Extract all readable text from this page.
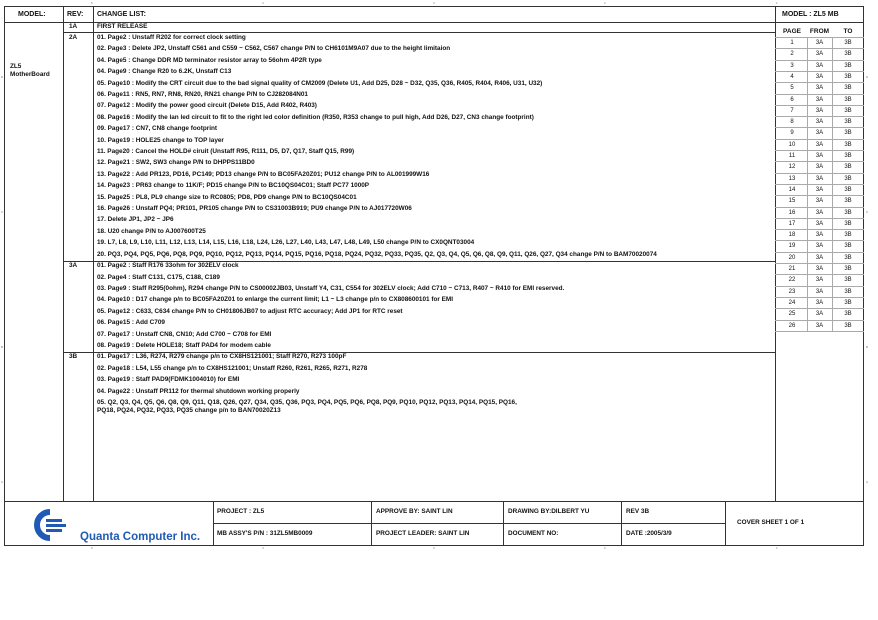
5	4	3	2	1
5	4	3	2	1
D
C
B
A
D
C
B
A
MODEL:	REV: CHANGE LIST:	MODEL : ZL5 MB
ZL5
MotherBoard
1A	FIRST RELEASE
2A	01. Page2 : Unstaff R202 for correct clock setting
02. Page3 : Delete JP2, Unstaff C561 and C559 ~ C562, C567 change P/N to CH6101M9A07 due to the height limitaion
04. Page5 : Change DDR MD terminator resistor array to 56ohm 4P2R type
04. Page9 : Change R20 to 6.2K, Unstaff C13
05. Page10 : Modify the CRT circuit due to the bad signal quality of CM2009 (Delete U1, Add D25, D28 ~ D32, Q35, Q36, R405, R404, R406, U31, U32)
06. Page11 : RN5, RN7, RN8, RN20, RN21 change P/N to CJ282084N01
07. Page12 : Modify the power good circuit (Delete D15, Add R402, R403)
08. Page16 : Modify the lan led circuit to fit to the right led color definition (R350, R353 change to pull high, Add D26, D27, CN3 change footprint)
09. Page17 : CN7, CN8 change footprint
10. Page19 : HOLE25 change to TOP layer
11. Page20 : Cancel the HOLD# ciruit (Unstaff R95, R111, D5, D7, Q17, Staff Q15, R99)
12. Page21 : SW2, SW3 change P/N to DHPPS11BD0
13. Page22 : Add PR123, PD16, PC149; PD13 change P/N to BC05FA20Z01; PU12 change P/N to AL001999W16
14. Page23 : PR63 change to 11K/F; PD15 change P/N to BC10QS04C01; Staff PC77 1000P
15. Page25 : PL8, PL9 change size to RC0805; PD8, PD9 change P/N to BC10QS04C01
16. Page26 : Unstaff PQ4; PR101, PR105 change P/N to CS31003B919; PU9 change P/N to AJ017720W06
17. Delete JP1, JP2 ~ JP6
18. U20 change P/N to AJ007600T25
19. L7, L8, L9, L10, L11, L12, L13, L14, L15, L16, L18, L24, L26, L27, L40, L43, L47, L48, L49, L50 change P/N to CX0QNT03004
20. PQ3, PQ4, PQ5, PQ6, PQ8, PQ9, PQ10, PQ12, PQ13, PQ14, PQ15, PQ16, PQ18, PQ24, PQ32, PQ33, PQ35, Q2, Q3, Q4, Q5, Q6, Q8, Q9, Q11, Q26, Q27, Q34 change P/N to BAM70020074
3A	01. Page2 : Staff R176 33ohm for 302ELV clock
02. Page4 : Staff C131, C175, C188, C189
03. Page9 : Staff R295(0ohm), R294 change P/N to CS00002JB03, Unstaff Y4, C31, C554 for 302ELV clock; Add C710 ~ C713, R407 ~ R410 for EMI reserved.
04. Page10 : D17 change p/n to BC05FA20Z01 to enlarge the current limit; L1 ~ L3 change p/n to CX808600101 for EMI
05. Page12 : C633, C634 change P/N to CH01806JB07 to adjust RTC accuracy; Add JP1 for RTC reset
06. Page15 : Add C709
07. Page17 : Unstaff CN8, CN10; Add C700 ~ C708 for EMI
08. Page19 : Delete HOLE18; Staff PAD4 for modem cable
3B	01. Page17 : L36, R274, R279 change p/n to CX8HS121001; Staff R270, R273 100pF
02. Page18 : L54, L55 change p/n to CX8HS121001; Unstaff R260, R261, R265, R271, R278
03. Page19 : Staff PAD9(FDMK1004010) for EMI
04. Page22 : Unstaff PR112 for thermal shutdown working properly
05. Q2, Q3, Q4, Q5, Q6, Q8, Q9, Q11, Q18, Q26, Q27, Q34, Q35, Q36, PQ3, PQ4, PQ5, PQ6, PQ8, PQ9, PQ10, PQ12, PQ13, PQ14, PQ15, PQ16,
PQ18, PQ24, PQ32, PQ33, PQ35 change p/n to BAN70020Z13
PAGE	FROM	TO
1	3A	3B
2	3A	3B
3	3A	3B
4	3A	3B
5	3A	3B
6	3A	3B
7	3A	3B
8	3A	3B
9	3A	3B
10	3A	3B
11	3A	3B
12	3A	3B
13	3A	3B
14	3A	3B
15	3A	3B
16	3A	3B
17	3A	3B
18	3A	3B
19	3A	3B
20	3A	3B
21	3A	3B
22	3A	3B
23	3A	3B
24	3A	3B
25	3A	3B
26	3A	3B
Quanta Computer Inc.
PROJECT : ZL5
MB ASSY'S P/N : 31ZL5MB0009
APPROVE BY: SAINT LIN
PROJECT LEADER: SAINT LIN
DRAWING BY:DILBERT YU
DOCUMENT NO:
REV 3B
DATE :2005/3/9
COVER SHEET 1 OF 1
